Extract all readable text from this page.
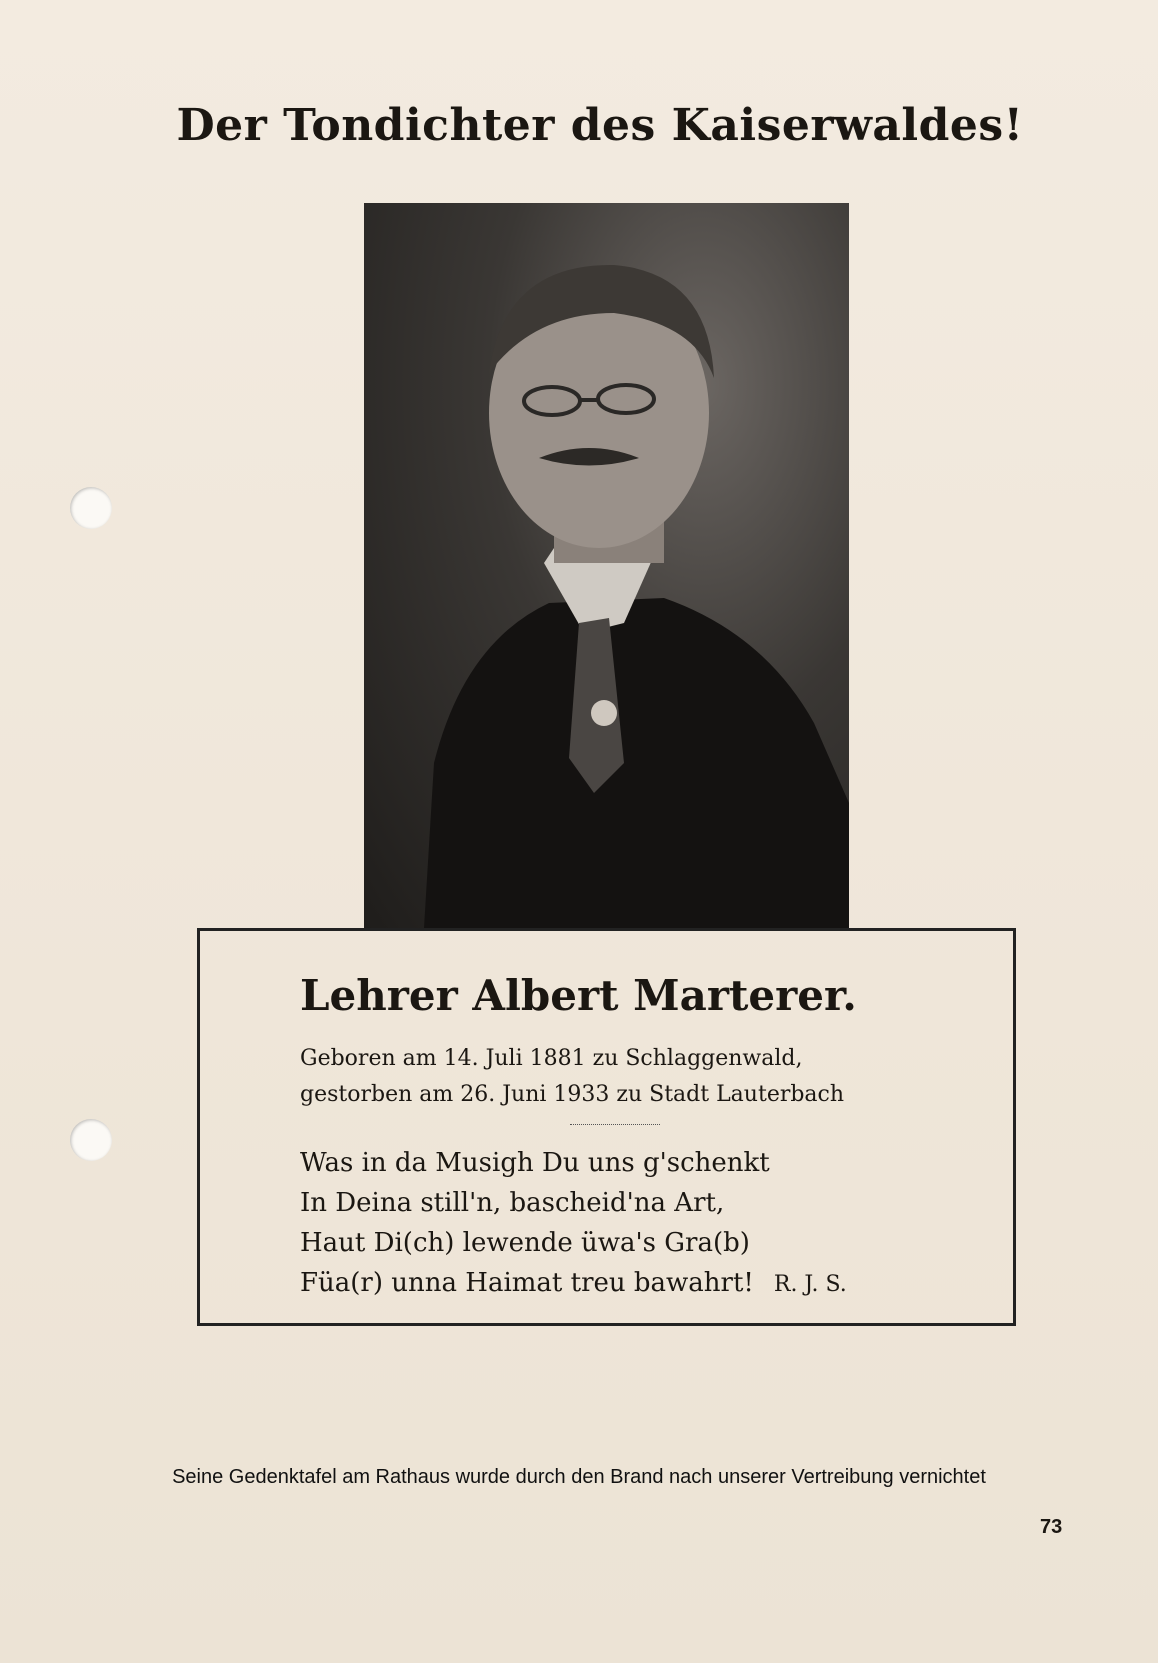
Der Tondichter des Kaiserwaldes!
Lehrer Albert Marterer.
Geboren am 14. Juli 1881 zu Schlaggenwald,
gestorben am 26. Juni 1933 zu Stadt Lauterbach
Was in da Musigh Du uns g'schenkt
In Deina still'n, bascheid'na Art,
Haut Di(ch) lewende üwa's Gra(b)
Füa(r) unna Haimat treu bawahrt! R. J. S.
Seine Gedenktafel am Rathaus wurde durch den Brand nach unserer Vertreibung vernichtet
73
